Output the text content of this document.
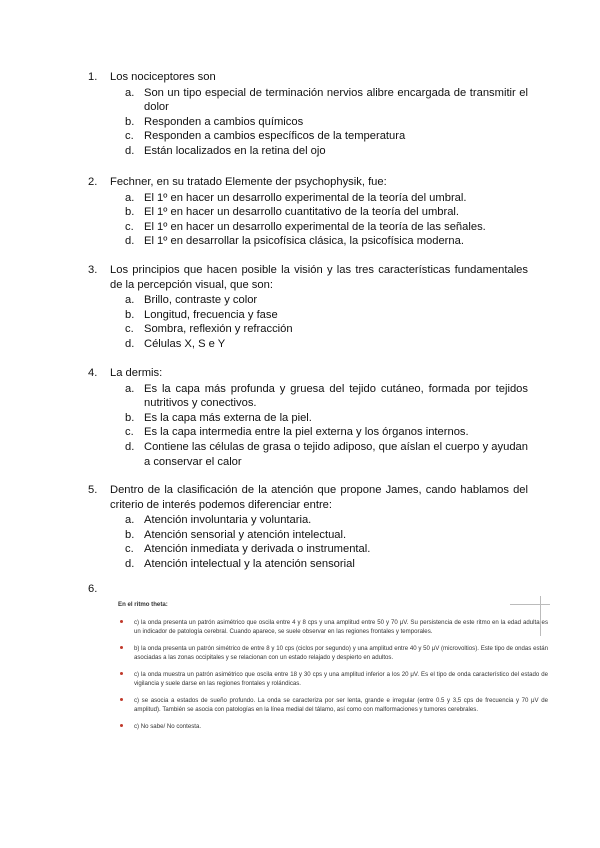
1.	Los nociceptores son
a. Son un tipo especial de terminación nervios alibre encargada de transmitir el dolor
b. Responden a cambios químicos
c. Responden a cambios específicos de la temperatura
d. Están localizados en la retina del ojo
2.	Fechner, en su tratado Elemente der psychophysik, fue:
a. El 1º en hacer un desarrollo experimental de la teoría del umbral.
b. El 1º en hacer un desarrollo cuantitativo de la teoría del umbral.
c. El 1º en hacer un desarrollo experimental de la teoría de las señales.
d. El 1º en desarrollar la psicofísica clásica, la psicofísica moderna.
3.	Los principios que hacen posible la visión y las tres características fundamentales de la percepción visual, que son:
a. Brillo, contraste y color
b. Longitud, frecuencia y fase
c. Sombra, reflexión y refracción
d. Células X, S e Y
4.	La dermis:
a. Es la capa más profunda y gruesa del tejido cutáneo, formada por tejidos nutritivos y conectivos.
b. Es la capa más externa de la piel.
c. Es la capa intermedia entre la piel externa y los órganos internos.
d. Contiene las células de grasa o tejido adiposo, que aíslan el cuerpo y ayudan a conservar el calor
5.	Dentro de la clasificación de la atención que propone James, cando hablamos del criterio de interés podemos diferenciar entre:
a. Atención involuntaria y voluntaria.
b. Atención sensorial y atención intelectual.
c. Atención inmediata y derivada o instrumental.
d. Atención intelectual y la atención sensorial
6.
En el ritmo theta:
c) la onda presenta un patrón asimétrico que oscila entre 4 y 8 cps y una amplitud entre 50 y 70 μV. Su persistencia de este ritmo en la edad adulta es un indicador de patología cerebral. Cuando aparece, se suele observar en las regiones frontales y temporales.
b) la onda presenta un patrón simétrico de entre 8 y 10 cps (ciclos por segundo) y una amplitud entre 40 y 50 μV (microvoltios). Este tipo de ondas están asociadas a las zonas occipitales y se relacionan con un estado relajado y despierto en adultos.
c) la onda muestra un patrón asimétrico que oscila entre 18 y 30 cps y una amplitud inferior a los 20 μV. Es el tipo de onda característico del estado de vigilancia y suele darse en las regiones frontales y rolándicas.
c) se asocia a estados de sueño profundo. La onda se caracteriza por ser lenta, grande e irregular (entre 0.5 y 3,5 cps de frecuencia y 70 μV de amplitud). También se asocia con patologías en la línea medial del tálamo, así como con malformaciones y tumores cerebrales.
c) No sabe/ No contesta.
